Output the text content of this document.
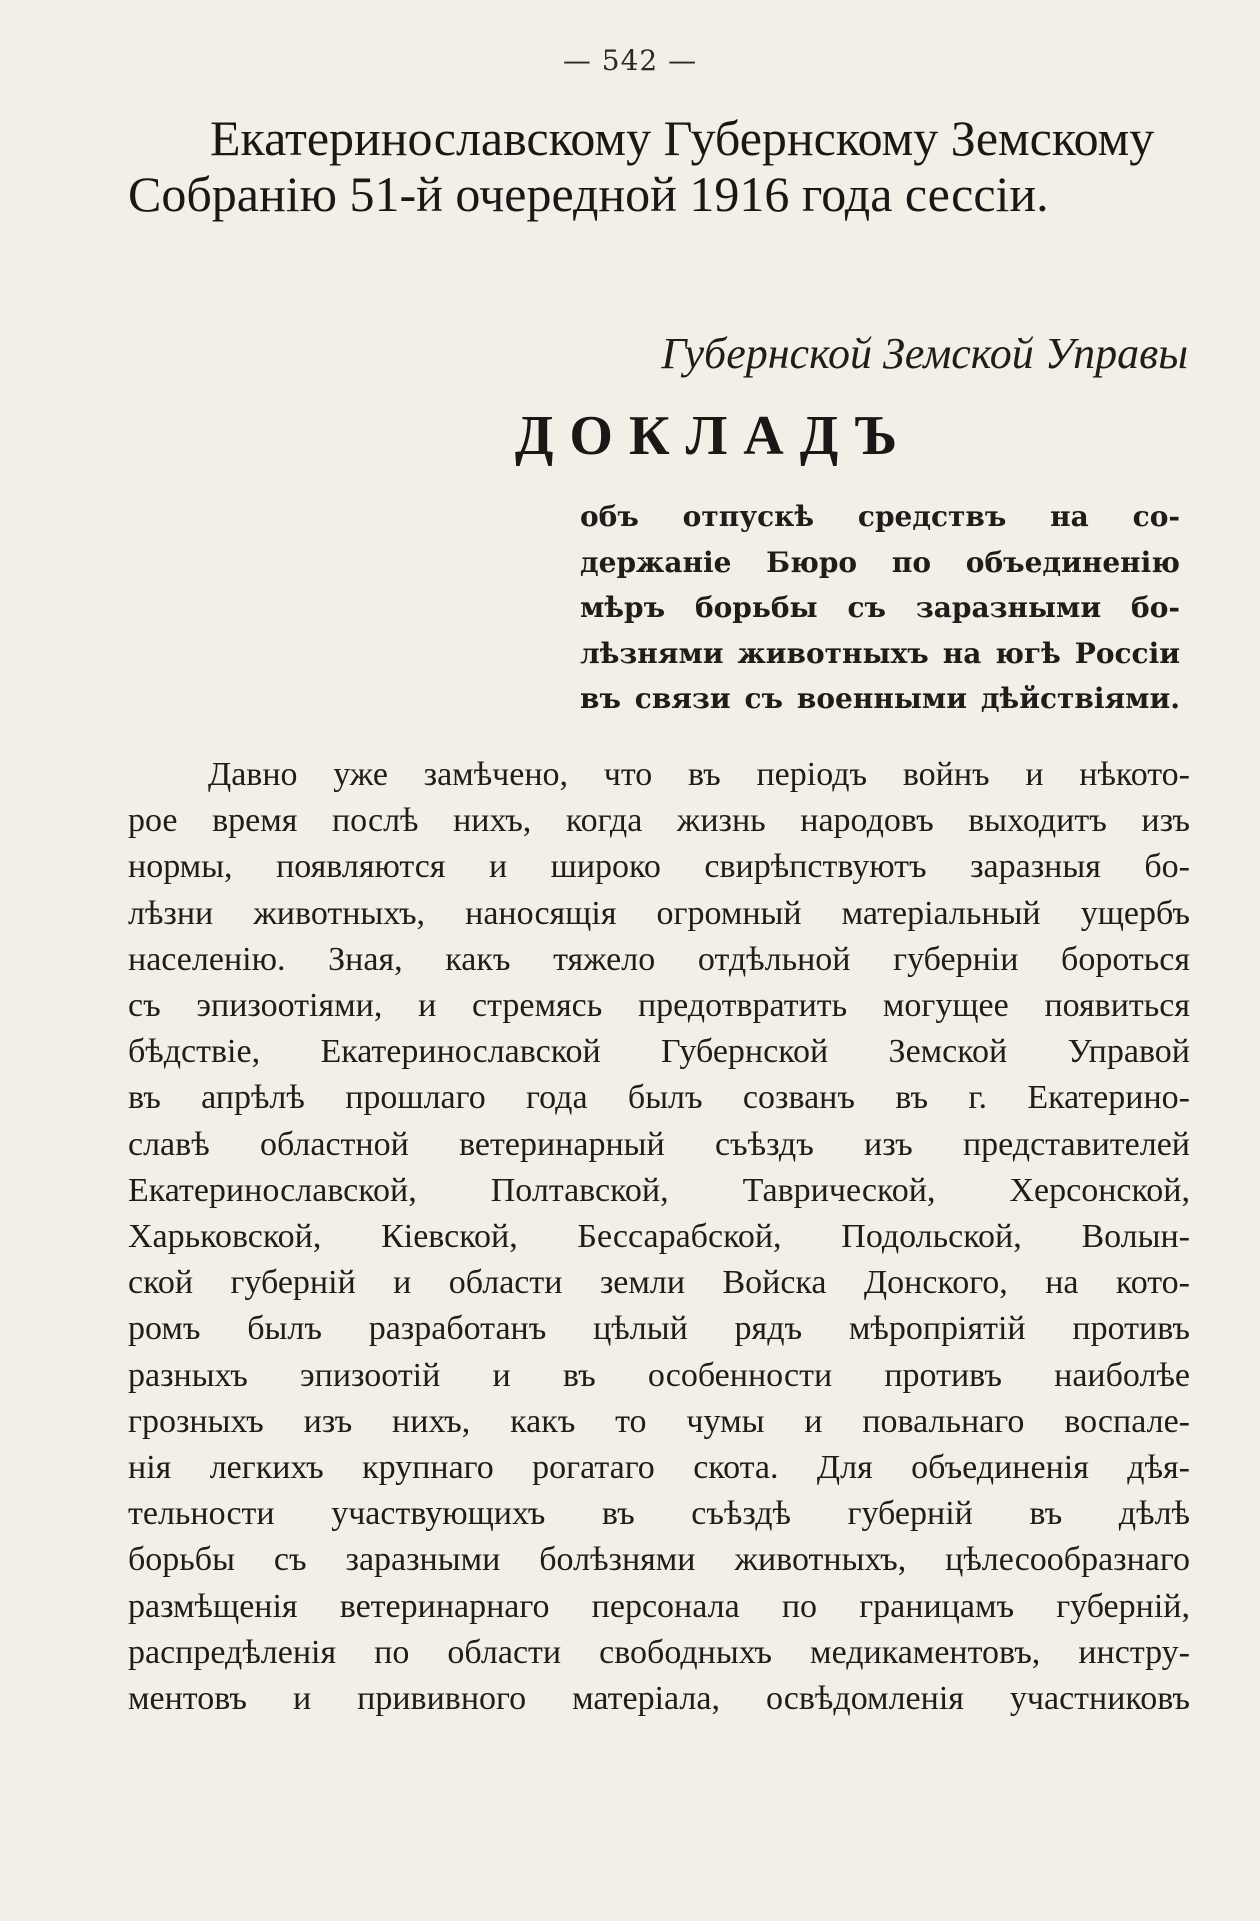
— 542 —
Екатеринославскому Губернскому Земскому
Собранію 51-й очередной 1916 года сессіи.
Губернской Земской Управы
ДОКЛАДЪ
объ отпускѣ средствъ на со-
держаніе Бюро по объединенію
мѣръ борьбы съ заразными бо-
лѣзнями животныхъ на югѣ Россіи
въ связи съ военными дѣйствіями.
Давно уже замѣчено, что въ періодъ войнъ и нѣкото-
рое время послѣ нихъ, когда жизнь народовъ выходитъ изъ
нормы, появляются и широко свирѣпствуютъ заразныя бо-
лѣзни животныхъ, наносящія огромный матеріальный ущербъ
населенію. Зная, какъ тяжело отдѣльной губерніи бороться
съ эпизоотіями, и стремясь предотвратить могущее появиться
бѣдствіе, Екатеринославской Губернской Земской Управой
въ апрѣлѣ прошлаго года былъ созванъ въ г. Екатерино-
славѣ областной ветеринарный съѣздъ изъ представителей
Екатеринославской, Полтавской, Таврической, Херсонской,
Харьковской, Кіевской, Бессарабской, Подольской, Волын-
ской губерній и области земли Войска Донского, на кото-
ромъ былъ разработанъ цѣлый рядъ мѣропріятій противъ
разныхъ эпизоотій и въ особенности противъ наиболѣе
грозныхъ изъ нихъ, какъ то чумы и повальнаго воспале-
нія легкихъ крупнаго рогатаго скота. Для объединенія дѣя-
тельности участвующихъ въ съѣздѣ губерній въ дѣлѣ
борьбы съ заразными болѣзнями животныхъ, цѣлесообразнаго
размѣщенія ветеринарнаго персонала по границамъ губерній,
распредѣленія по области свободныхъ медикаментовъ, инстру-
ментовъ и прививного матеріала, освѣдомленія участниковъ
